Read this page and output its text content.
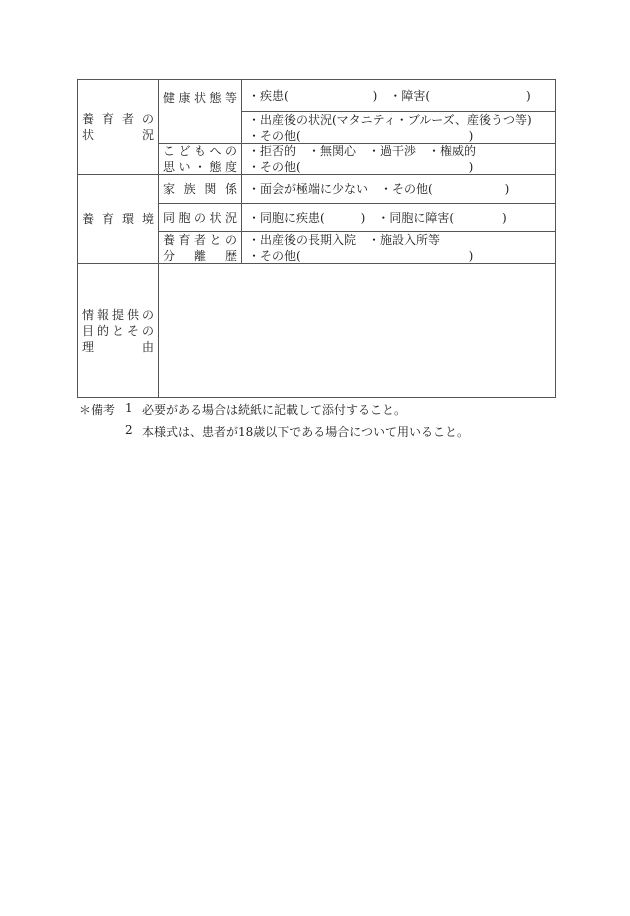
養育者の
状況
健康状態等 ・疾患(　　　　　　　)　・障害(　　　　　　　　)
・出産後の状況(マタニティ・ブルーズ、産後うつ等)
・その他(　　　　　　　　　　　　　　)
こどもへの
思い・態度
・拒否的　・無関心　・過干渉　・権威的
・その他(　　　　　　　　　　　　　　)
養育環境
家族関係 ・面会が極端に少ない　・その他(　　　　　　)
同胞の状況 ・同胞に疾患(　　　)　・同胞に障害(　　　　)
養育者との
分離歴
・出産後の長期入院　・施設入所等
・その他(　　　　　　　　　　　　　　)
情報提供の
目的とその
理由
＊備考 1 必要がある場合は続紙に記載して添付すること。
2 本様式は、患者が18歳以下である場合について用いること。
